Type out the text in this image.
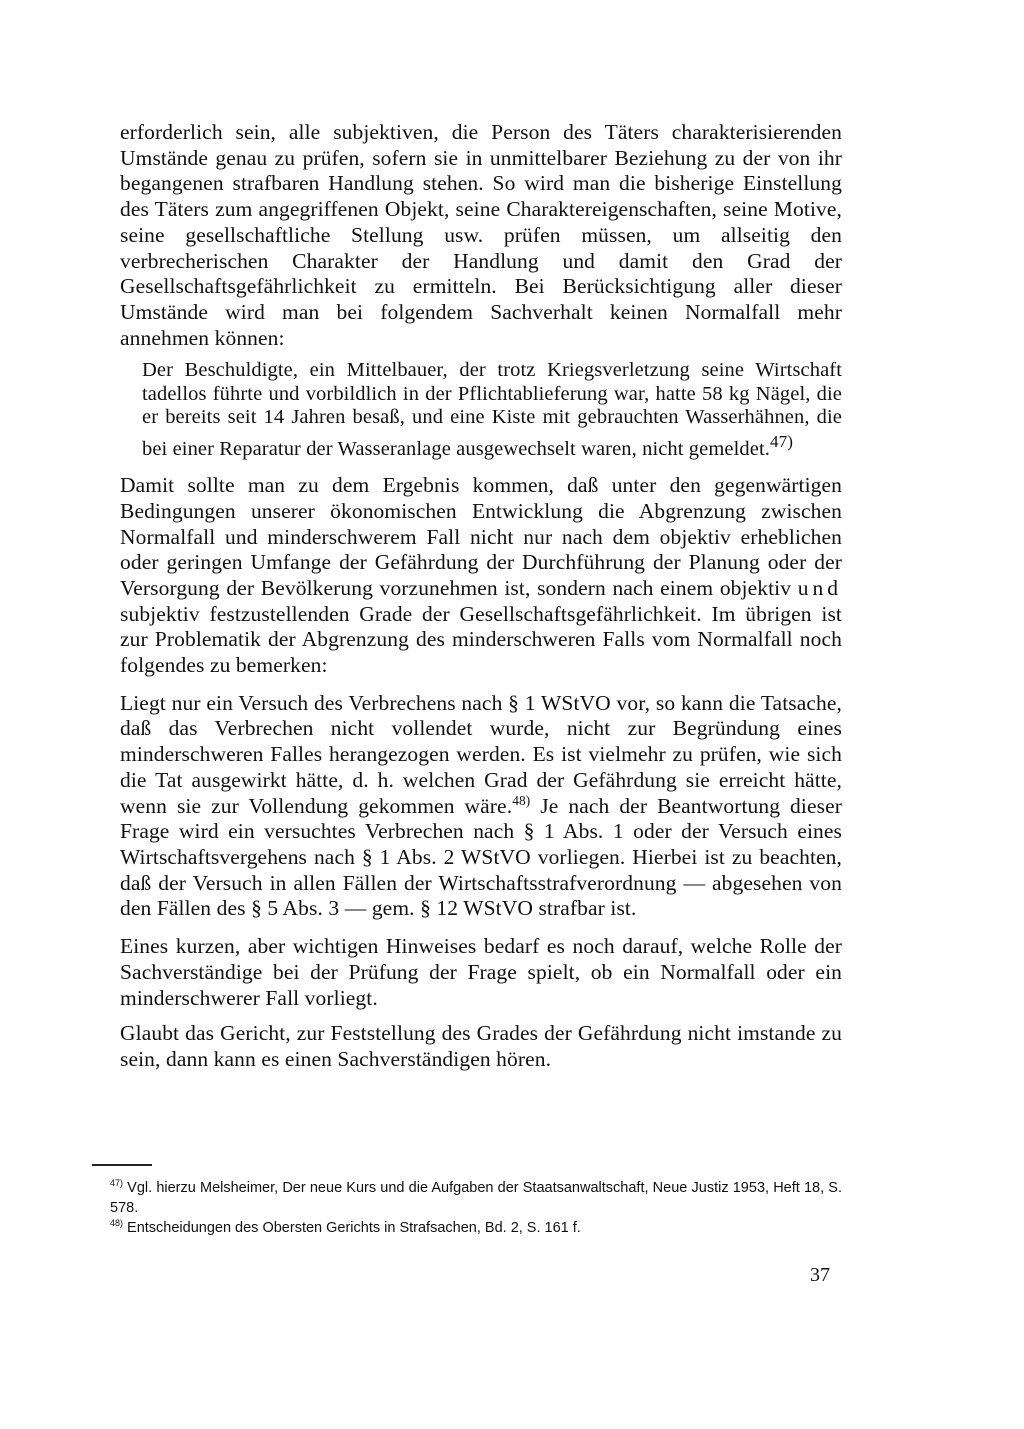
erforderlich sein, alle subjektiven, die Person des Täters charakterisierenden Umstände genau zu prüfen, sofern sie in unmittelbarer Beziehung zu der von ihr begangenen strafbaren Handlung stehen. So wird man die bisherige Einstellung des Täters zum angegriffenen Objekt, seine Charaktereigenschaften, seine Motive, seine gesellschaftliche Stellung usw. prüfen müssen, um allseitig den verbrecherischen Charakter der Handlung und damit den Grad der Gesellschaftsgefährlichkeit zu ermitteln. Bei Berücksichtigung aller dieser Umstände wird man bei folgendem Sachverhalt keinen Normalfall mehr annehmen können:

Der Beschuldigte, ein Mittelbauer, der trotz Kriegsverletzung seine Wirtschaft tadellos führte und vorbildlich in der Pflichtablieferung war, hatte 58 kg Nägel, die er bereits seit 14 Jahren besaß, und eine Kiste mit gebrauchten Wasserhähnen, die bei einer Reparatur der Wasseranlage ausgewechselt waren, nicht gemeldet.$^{47)}$

Damit sollte man zu dem Ergebnis kommen, daß unter den gegenwärtigen Bedingungen unserer ökonomischen Entwicklung die Abgrenzung zwischen Normalfall und minderschwerem Fall nicht nur nach dem objektiv erheblichen oder geringen Umfange der Gefährdung der Durchführung der Planung oder der Versorgung der Bevölkerung vorzunehmen ist, sondern nach einem objektiv und subjektiv festzustellenden Grade der Gesellschaftsgefährlichkeit. Im übrigen ist zur Problematik der Abgrenzung des minderschweren Falls vom Normalfall noch folgendes zu bemerken:

Liegt nur ein Versuch des Verbrechens nach § 1 WStVO vor, so kann die Tatsache, daß das Verbrechen nicht vollendet wurde, nicht zur Begründung eines minderschweren Falles herangezogen werden. Es ist vielmehr zu prüfen, wie sich die Tat ausgewirkt hätte, d. h. welchen Grad der Gefährdung sie erreicht hätte, wenn sie zur Vollendung gekommen wäre.$^{48)}$ Je nach der Beantwortung dieser Frage wird ein versuchtes Verbrechen nach § 1 Abs. 1 oder der Versuch eines Wirtschaftsvergehens nach § 1 Abs. 2 WStVO vorliegen. Hierbei ist zu beachten, daß der Versuch in allen Fällen der Wirtschaftsstrafverordnung — abgesehen von den Fällen des § 5 Abs. 3 — gem. § 12 WStVO strafbar ist.

Eines kurzen, aber wichtigen Hinweises bedarf es noch darauf, welche Rolle der Sachverständige bei der Prüfung der Frage spielt, ob ein Normalfall oder ein minderschwerer Fall vorliegt.

Glaubt das Gericht, zur Feststellung des Grades der Gefährdung nicht imstande zu sein, dann kann es einen Sachverständigen hören.

$^{47)}$ Vgl. hierzu Melsheimer, Der neue Kurs und die Aufgaben der Staatsanwaltschaft, Neue Justiz 1953, Heft 18, S. 578.

$^{48)}$ Entscheidungen des Obersten Gerichts in Strafsachen, Bd. 2, S. 161 f.

37
